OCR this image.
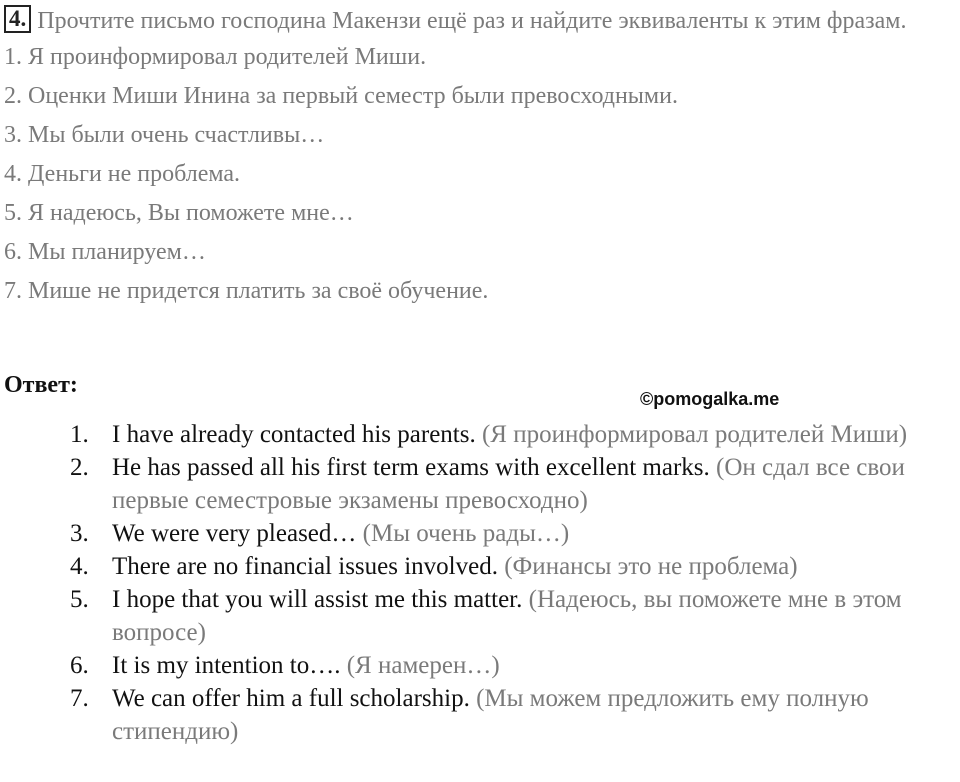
4. Прочтите письмо господина Макензи ещё раз и найдите эквиваленты к этим фразам.
1. Я проинформировал родителей Миши.
2. Оценки Миши Инина за первый семестр были превосходными.
3. Мы были очень счастливы…
4. Деньги не проблема.
5. Я надеюсь, Вы поможете мне…
6. Мы планируем…
7. Мише не придется платить за своё обучение.
Ответ:
©pomogalka.me
1. I have already contacted his parents. (Я проинформировал родителей Миши)
2. He has passed all his first term exams with excellent marks. (Он сдал все свои первые семестровые экзамены превосходно)
3. We were very pleased… (Мы очень рады…)
4. There are no financial issues involved. (Финансы это не проблема)
5. I hope that you will assist me this matter. (Надеюсь, вы поможете мне в этом вопросе)
6. It is my intention to…. (Я намерен…)
7. We can offer him a full scholarship. (Мы можем предложить ему полную стипендию)
